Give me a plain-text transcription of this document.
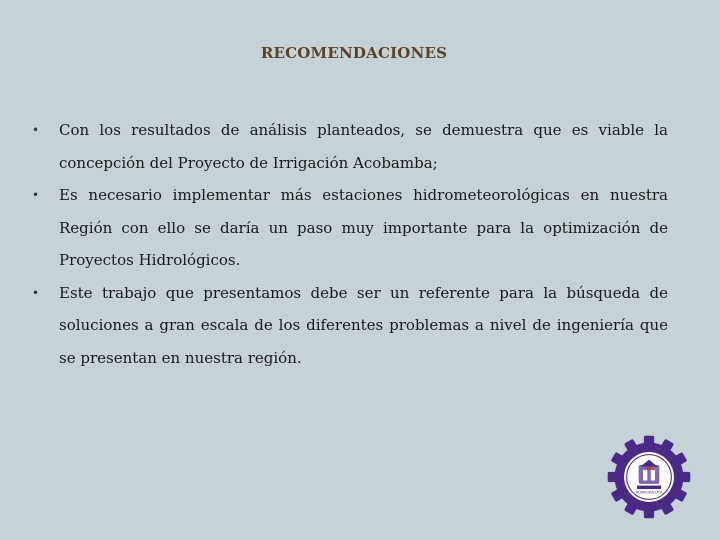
RECOMENDACIONES
• Con los resultados de análisis planteados, se demuestra que es viable la concepción del Proyecto de Irrigación Acobamba;
• Es necesario implementar más estaciones hidrometeorológicas en nuestra Región con ello se daría un paso muy importante para la optimización de Proyectos Hidrológicos.
• Este trabajo que presentamos debe ser un referente para la búsqueda de soluciones a gran escala de los diferentes problemas a nivel de ingeniería que se presentan en nuestra región.
HUANCAVELICA
